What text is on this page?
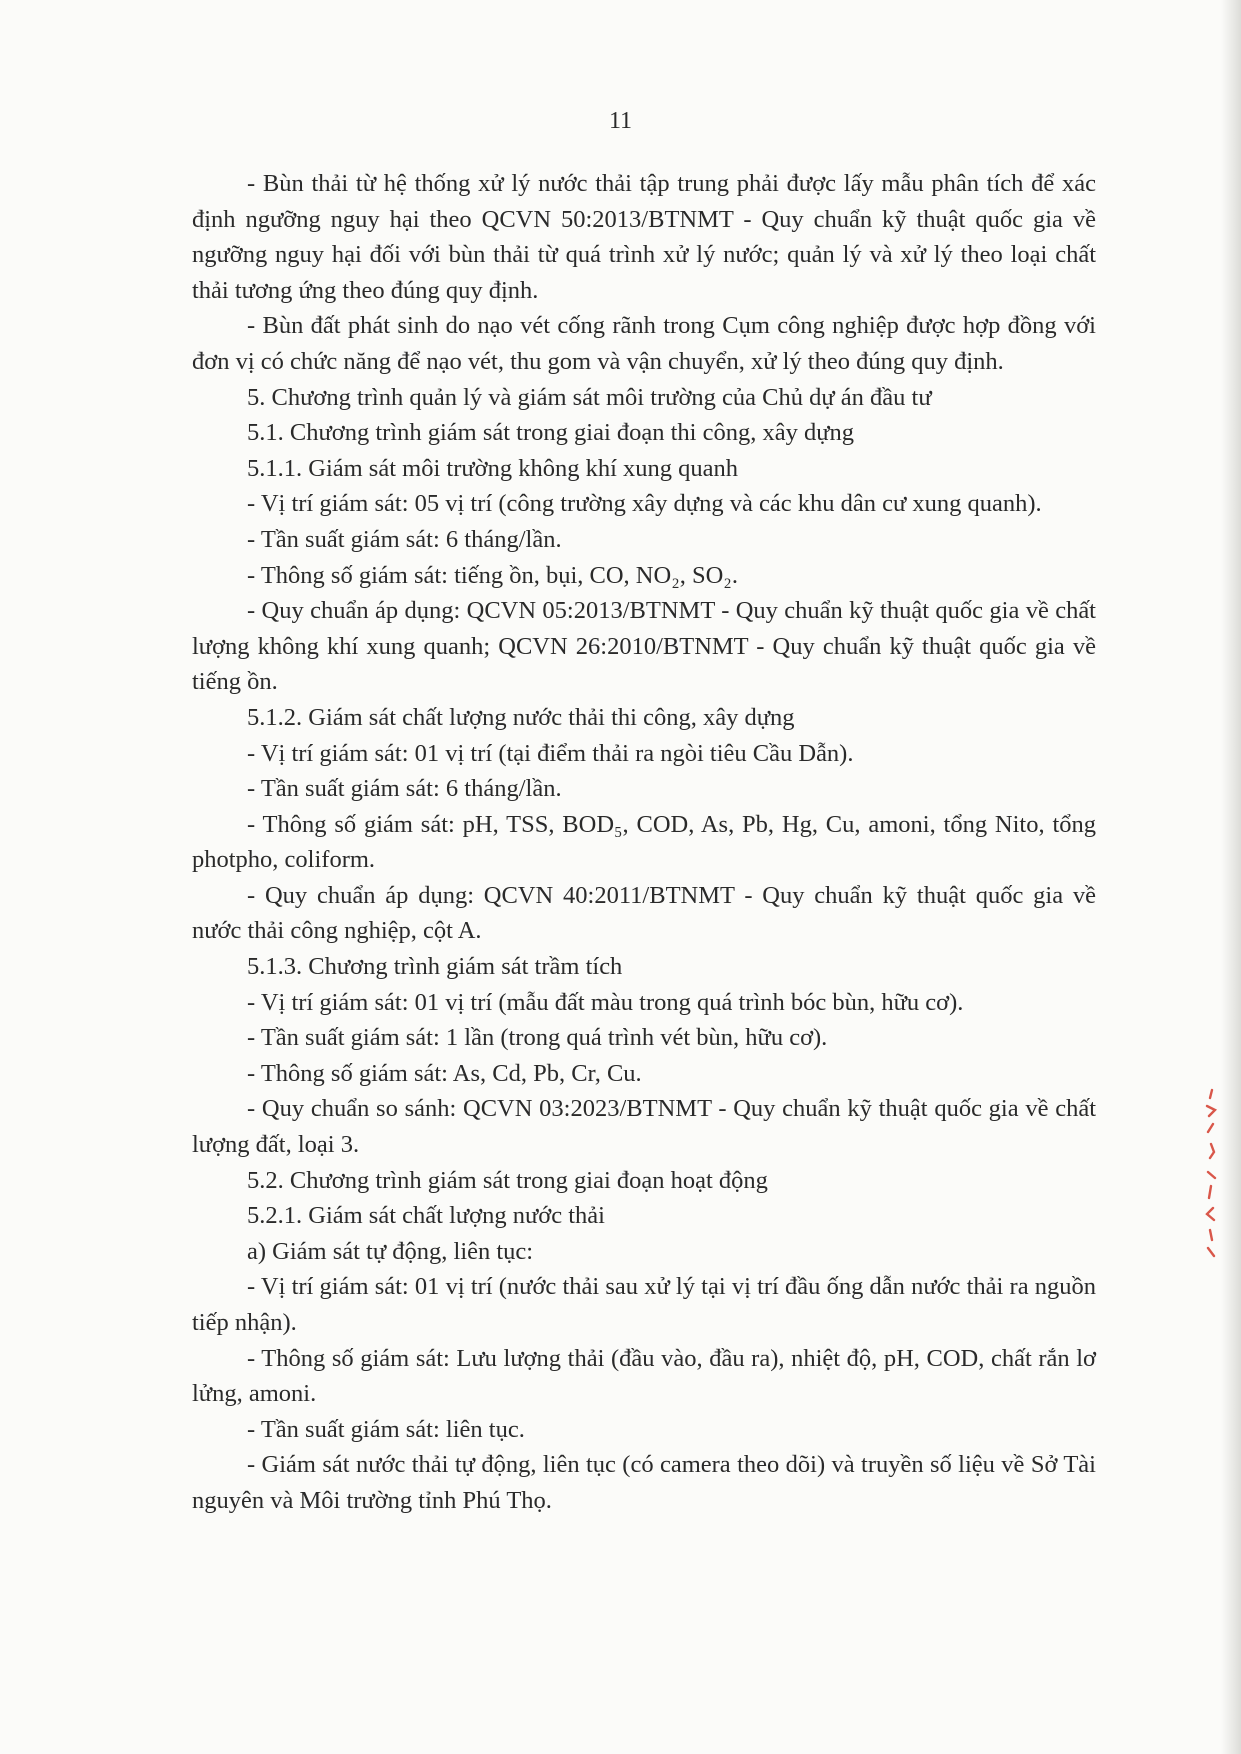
11

- Bùn thải từ hệ thống xử lý nước thải tập trung phải được lấy mẫu phân tích để xác định ngưỡng nguy hại theo QCVN 50:2013/BTNMT - Quy chuẩn kỹ thuật quốc gia về ngưỡng nguy hại đối với bùn thải từ quá trình xử lý nước; quản lý và xử lý theo loại chất thải tương ứng theo đúng quy định.

- Bùn đất phát sinh do nạo vét cống rãnh trong Cụm công nghiệp được hợp đồng với đơn vị có chức năng để nạo vét, thu gom và vận chuyển, xử lý theo đúng quy định.

5. Chương trình quản lý và giám sát môi trường của Chủ dự án đầu tư

5.1. Chương trình giám sát trong giai đoạn thi công, xây dựng

5.1.1. Giám sát môi trường không khí xung quanh

- Vị trí giám sát: 05 vị trí (công trường xây dựng và các khu dân cư xung quanh).

- Tần suất giám sát: 6 tháng/lần.

- Thông số giám sát: tiếng ồn, bụi, CO, NO₂, SO₂.

- Quy chuẩn áp dụng: QCVN 05:2013/BTNMT - Quy chuẩn kỹ thuật quốc gia về chất lượng không khí xung quanh; QCVN 26:2010/BTNMT - Quy chuẩn kỹ thuật quốc gia về tiếng ồn.

5.1.2. Giám sát chất lượng nước thải thi công, xây dựng

- Vị trí giám sát: 01 vị trí (tại điểm thải ra ngòi tiêu Cầu Dẫn).

- Tần suất giám sát: 6 tháng/lần.

- Thông số giám sát: pH, TSS, BOD₅, COD, As, Pb, Hg, Cu, amoni, tổng Nito, tổng photpho, coliform.

- Quy chuẩn áp dụng: QCVN 40:2011/BTNMT - Quy chuẩn kỹ thuật quốc gia về nước thải công nghiệp, cột A.

5.1.3. Chương trình giám sát trầm tích

- Vị trí giám sát: 01 vị trí (mẫu đất màu trong quá trình bóc bùn, hữu cơ).

- Tần suất giám sát: 1 lần (trong quá trình vét bùn, hữu cơ).

- Thông số giám sát: As, Cd, Pb, Cr, Cu.

- Quy chuẩn so sánh: QCVN 03:2023/BTNMT - Quy chuẩn kỹ thuật quốc gia về chất lượng đất, loại 3.

5.2. Chương trình giám sát trong giai đoạn hoạt động

5.2.1. Giám sát chất lượng nước thải

a) Giám sát tự động, liên tục:

- Vị trí giám sát: 01 vị trí (nước thải sau xử lý tại vị trí đầu ống dẫn nước thải ra nguồn tiếp nhận).

- Thông số giám sát: Lưu lượng thải (đầu vào, đầu ra), nhiệt độ, pH, COD, chất rắn lơ lửng, amoni.

- Tần suất giám sát: liên tục.

- Giám sát nước thải tự động, liên tục (có camera theo dõi) và truyền số liệu về Sở Tài nguyên và Môi trường tỉnh Phú Thọ.
